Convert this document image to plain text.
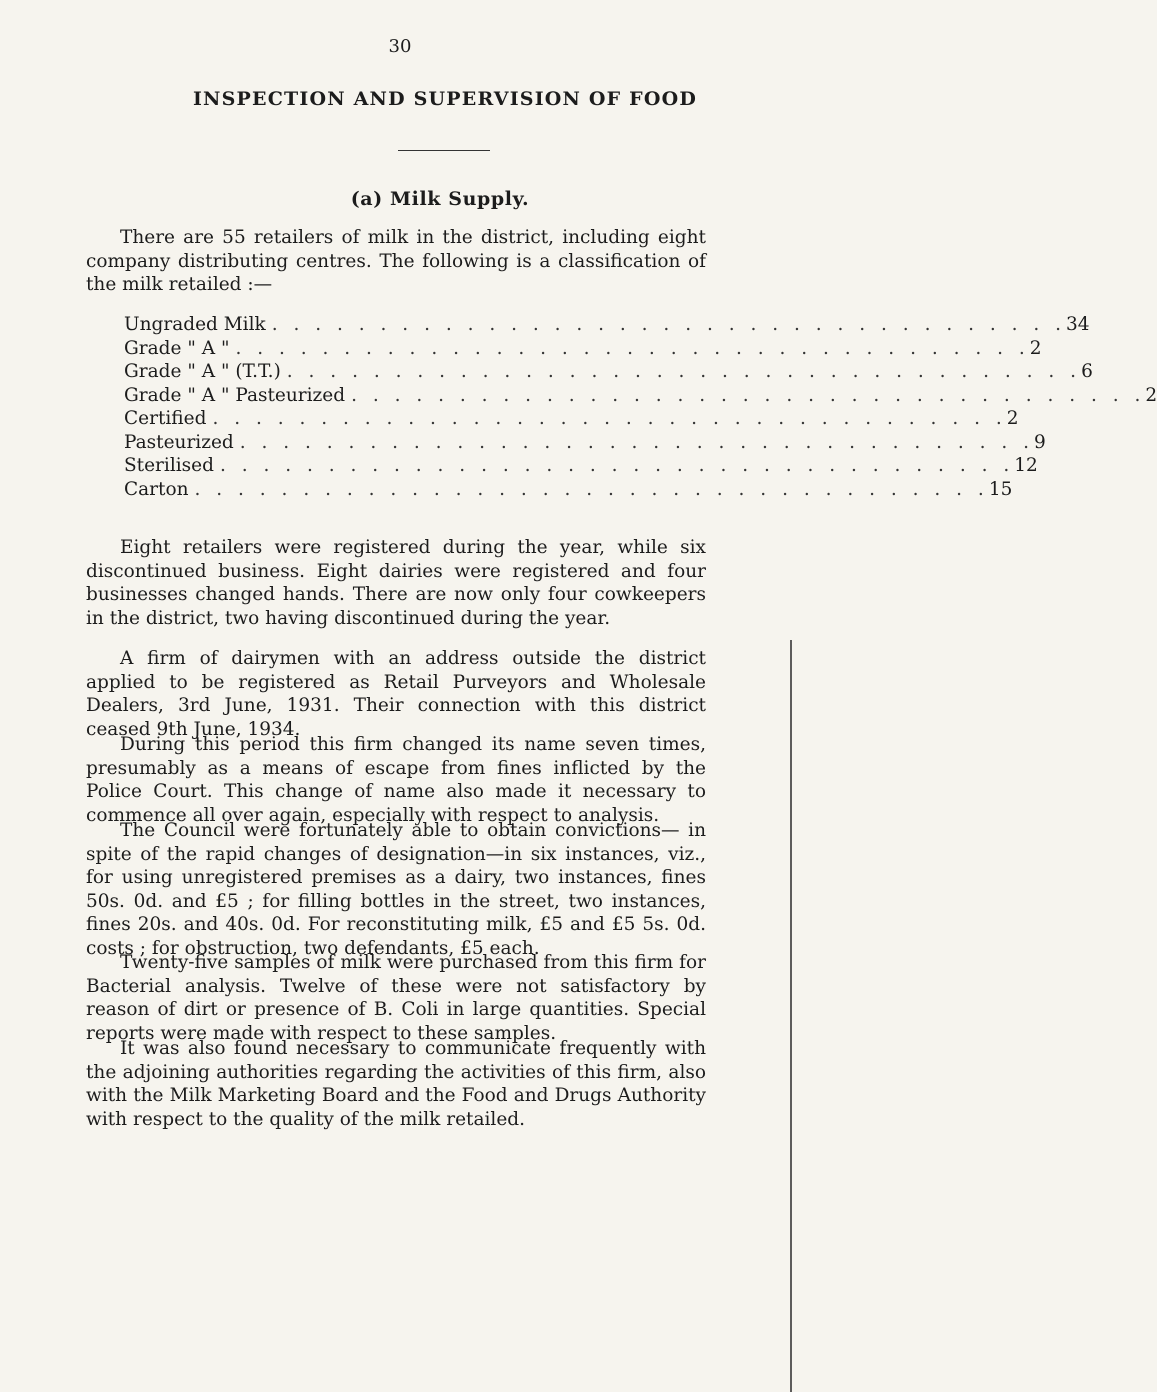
30
INSPECTION AND SUPERVISION OF FOOD
(a) Milk Supply.

There are 55 retailers of milk in the district, including eight company distributing centres. The following is a classification of the milk retailed :—

Ungraded Milk . . . . . . . . . . . . . . . . . . . . . . . . . . . . . . . . . . . . . 34
Grade " A " . . . . . . . . . . . . . . . . . . . . . . . . . . . . . . . . . . . . . 2
Grade " A " (T.T.) . . . . . . . . . . . . . . . . . . . . . . . . . . . . . . . . . . . . . 6
Grade " A " Pasteurized . . . . . . . . . . . . . . . . . . . . . . . . . . . . . . . . . . . . . 2
Certified . . . . . . . . . . . . . . . . . . . . . . . . . . . . . . . . . . . . . 2
Pasteurized . . . . . . . . . . . . . . . . . . . . . . . . . . . . . . . . . . . . . 9
Sterilised . . . . . . . . . . . . . . . . . . . . . . . . . . . . . . . . . . . . . 12
Carton . . . . . . . . . . . . . . . . . . . . . . . . . . . . . . . . . . . . . 15

Eight retailers were registered during the year, while six discontinued business. Eight dairies were registered and four businesses changed hands. There are now only four cowkeepers in the district, two having discontinued during the year.

A firm of dairymen with an address outside the district applied to be registered as Retail Purveyors and Wholesale Dealers, 3rd June, 1931. Their connection with this district ceased 9th June, 1934.

During this period this firm changed its name seven times, presumably as a means of escape from fines inflicted by the Police Court. This change of name also made it necessary to commence all over again, especially with respect to analysis.

The Council were fortunately able to obtain convictions— in spite of the rapid changes of designation—in six instances, viz., for using unregistered premises as a dairy, two instances, fines 50s. 0d. and £5 ; for filling bottles in the street, two instances, fines 20s. and 40s. 0d. For reconstituting milk, £5 and £5 5s. 0d. costs ; for obstruction, two defendants, £5 each.

Twenty-five samples of milk were purchased from this firm for Bacterial analysis. Twelve of these were not satisfactory by reason of dirt or presence of B. Coli in large quantities. Special reports were made with respect to these samples.

It was also found necessary to communicate frequently with the adjoining authorities regarding the activities of this firm, also with the Milk Marketing Board and the Food and Drugs Authority with respect to the quality of the milk retailed.
